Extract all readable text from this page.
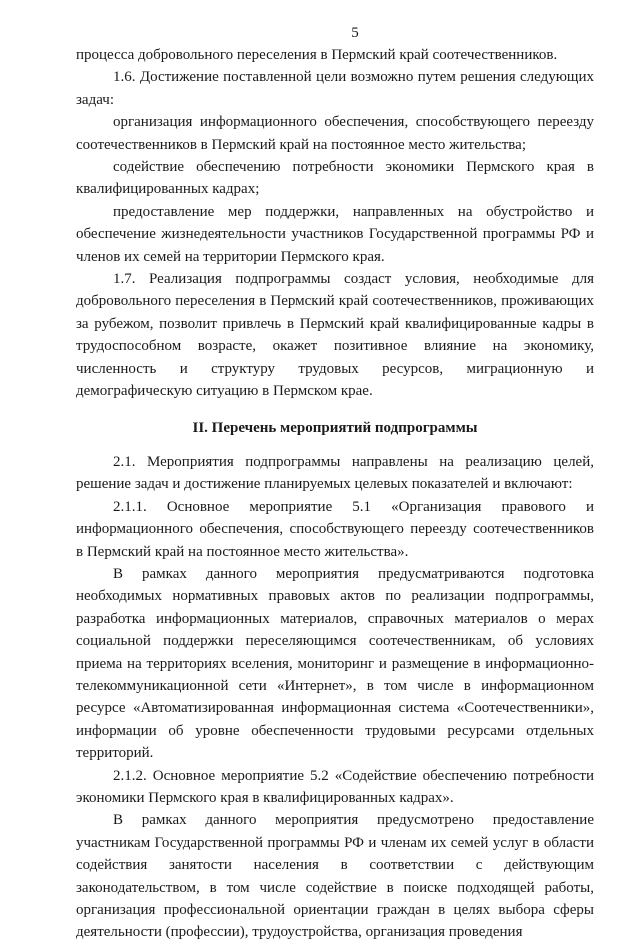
5

процесса добровольного переселения в Пермский край соотечественников.

1.6. Достижение поставленной цели возможно путем решения следующих задач:

организация информационного обеспечения, способствующего переезду соотечественников в Пермский край на постоянное место жительства;

содействие обеспечению потребности экономики Пермского края в квалифицированных кадрах;

предоставление мер поддержки, направленных на обустройство и обеспечение жизнедеятельности участников Государственной программы РФ и членов их семей на территории Пермского края.

1.7. Реализация подпрограммы создаст условия, необходимые для добровольного переселения в Пермский край соотечественников, проживающих за рубежом, позволит привлечь в Пермский край квалифицированные кадры в трудоспособном возрасте, окажет позитивное влияние на экономику, численность и структуру трудовых ресурсов, миграционную и демографическую ситуацию в Пермском крае.

II. Перечень мероприятий подпрограммы

2.1. Мероприятия подпрограммы направлены на реализацию целей, решение задач и достижение планируемых целевых показателей и включают:

2.1.1. Основное мероприятие 5.1 «Организация правового и информационного обеспечения, способствующего переезду соотечественников в Пермский край на постоянное место жительства».

В рамках данного мероприятия предусматриваются подготовка необходимых нормативных правовых актов по реализации подпрограммы, разработка информационных материалов, справочных материалов о мерах социальной поддержки переселяющимся соотечественникам, об условиях приема на территориях вселения, мониторинг и размещение в информационно-телекоммуникационной сети «Интернет», в том числе в информационном ресурсе «Автоматизированная информационная система «Соотечественники», информации об уровне обеспеченности трудовыми ресурсами отдельных территорий.

2.1.2. Основное мероприятие 5.2 «Содействие обеспечению потребности экономики Пермского края в квалифицированных кадрах».

В рамках данного мероприятия предусмотрено предоставление участникам Государственной программы РФ и членам их семей услуг в области содействия занятости населения в соответствии с действующим законодательством, в том числе содействие в поиске подходящей работы, организация профессиональной ориентации граждан в целях выбора сферы деятельности (профессии), трудоустройства, организация проведения
